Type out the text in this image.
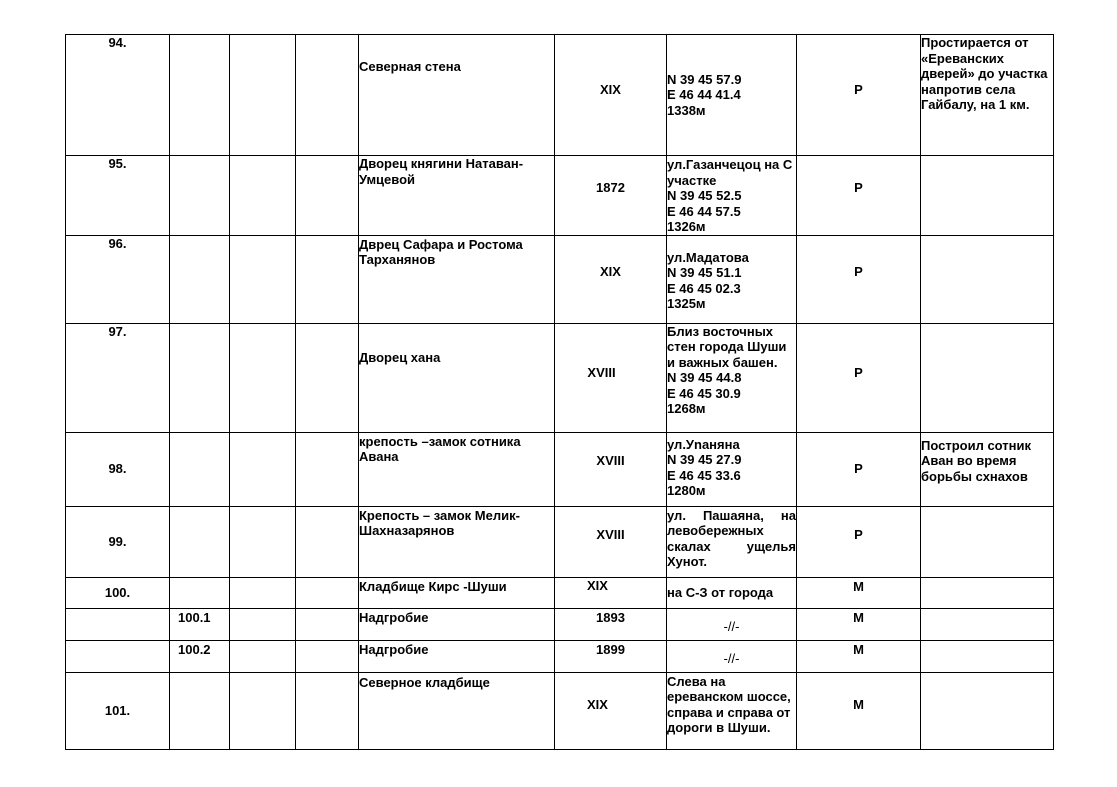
94.				Северная стена	XIX	N 39 45 57.9
E 46 44 41.4
1338м	Р	Простирается от «Ереванских дверей» до участка напротив села Гайбалу, на 1 км.
95.				Дворец княгини Натаван-Умцевой	1872	ул.Газанчецоц на С участке
N 39 45 52.5
E 46 44 57.5
1326м	Р	
96.				Дврец Сафара и Ростома Тарханянов	XIX	ул.Мадатова
N 39 45 51.1
E 46 45 02.3
1325м	Р	
97.				Дворец хана	XVIII	Близ восточных стен города Шуши и важных башен.
N 39 45 44.8
E 46 45 30.9
1268м	Р	
98.				крепость –замок сотника Авана	XVIII	ул.Уnаняна
N 39 45 27.9
E 46 45 33.6
1280м	Р	Построил сотник Аван во время борьбы схнахов
99.				Крепость – замок Мелик-Шахназарянов	XVIII	ул. Пашаяна, на левобережных скалах ущелья Хунот.	Р	
100.				Кладбище Кирс -Шуши	XIX	на С-З от города	М	
	100.1			Надгробие	1893	-//-	М	
	100.2			Надгробие	1899	-//-	М	
101.				Северное кладбище	XIX	Слева на ереванском шоссе, справа и справа от дороги в Шуши.	М	
